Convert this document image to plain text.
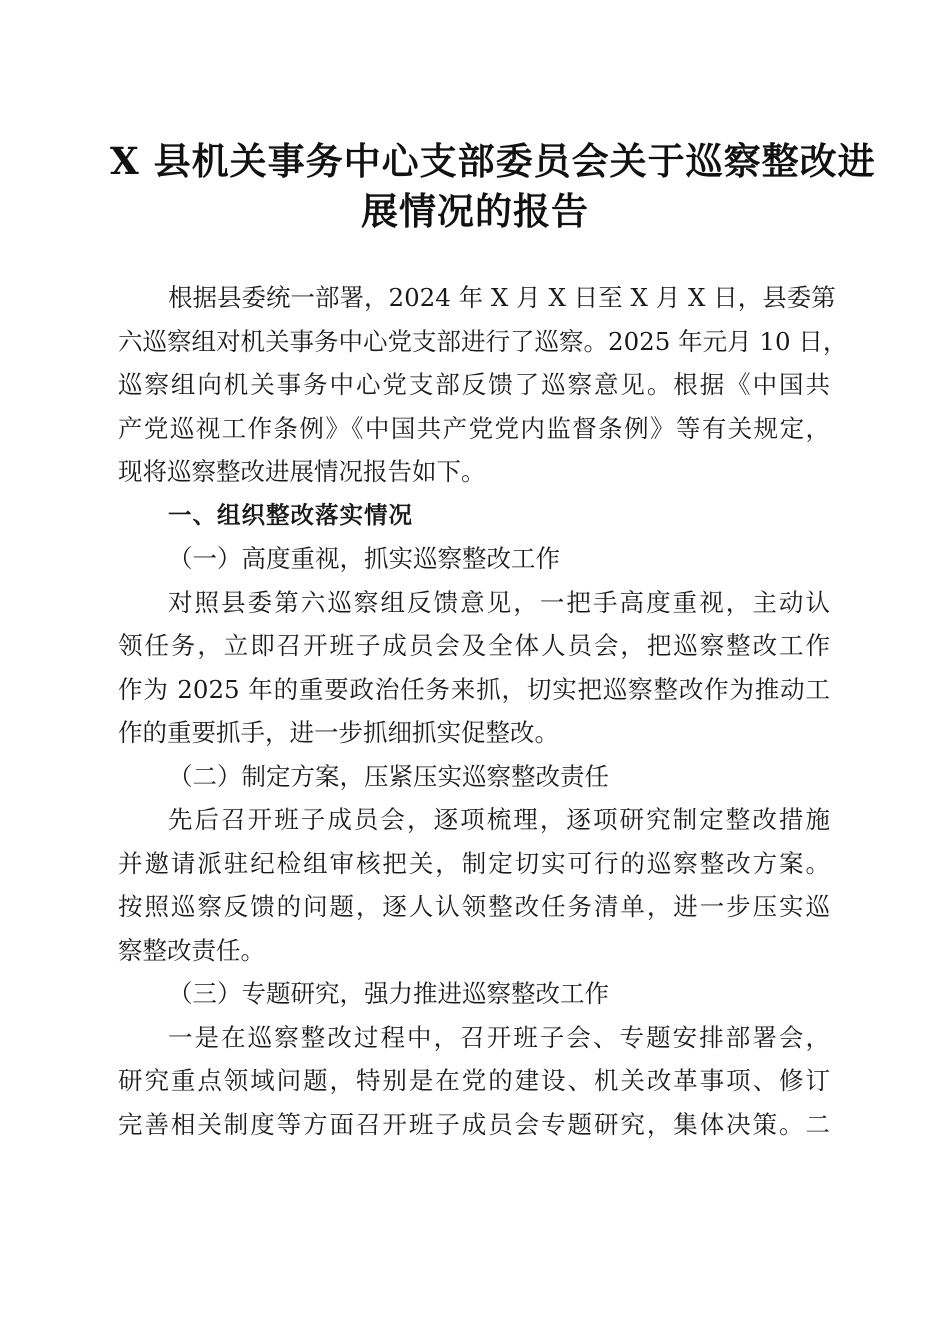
X 县机关事务中心支部委员会关于巡察整改进
展情况的报告
根据县委统一部署，2024 年 X 月 X 日至 X 月 X 日，县委第
六巡察组对机关事务中心党支部进行了巡察。2025 年元月 10 日，
巡察组向机关事务中心党支部反馈了巡察意见。根据《中国共
产党巡视工作条例》《中国共产党党内监督条例》等有关规定，
现将巡察整改进展情况报告如下。
一、组织整改落实情况
（一）高度重视，抓实巡察整改工作
对照县委第六巡察组反馈意见，一把手高度重视，主动认
领任务，立即召开班子成员会及全体人员会，把巡察整改工作
作为 2025 年的重要政治任务来抓，切实把巡察整改作为推动工
作的重要抓手，进一步抓细抓实促整改。
（二）制定方案，压紧压实巡察整改责任
先后召开班子成员会，逐项梳理，逐项研究制定整改措施
并邀请派驻纪检组审核把关，制定切实可行的巡察整改方案。
按照巡察反馈的问题，逐人认领整改任务清单，进一步压实巡
察整改责任。
（三）专题研究，强力推进巡察整改工作
一是在巡察整改过程中，召开班子会、专题安排部署会，
研究重点领域问题，特别是在党的建设、机关改革事项、修订
完善相关制度等方面召开班子成员会专题研究，集体决策。二
